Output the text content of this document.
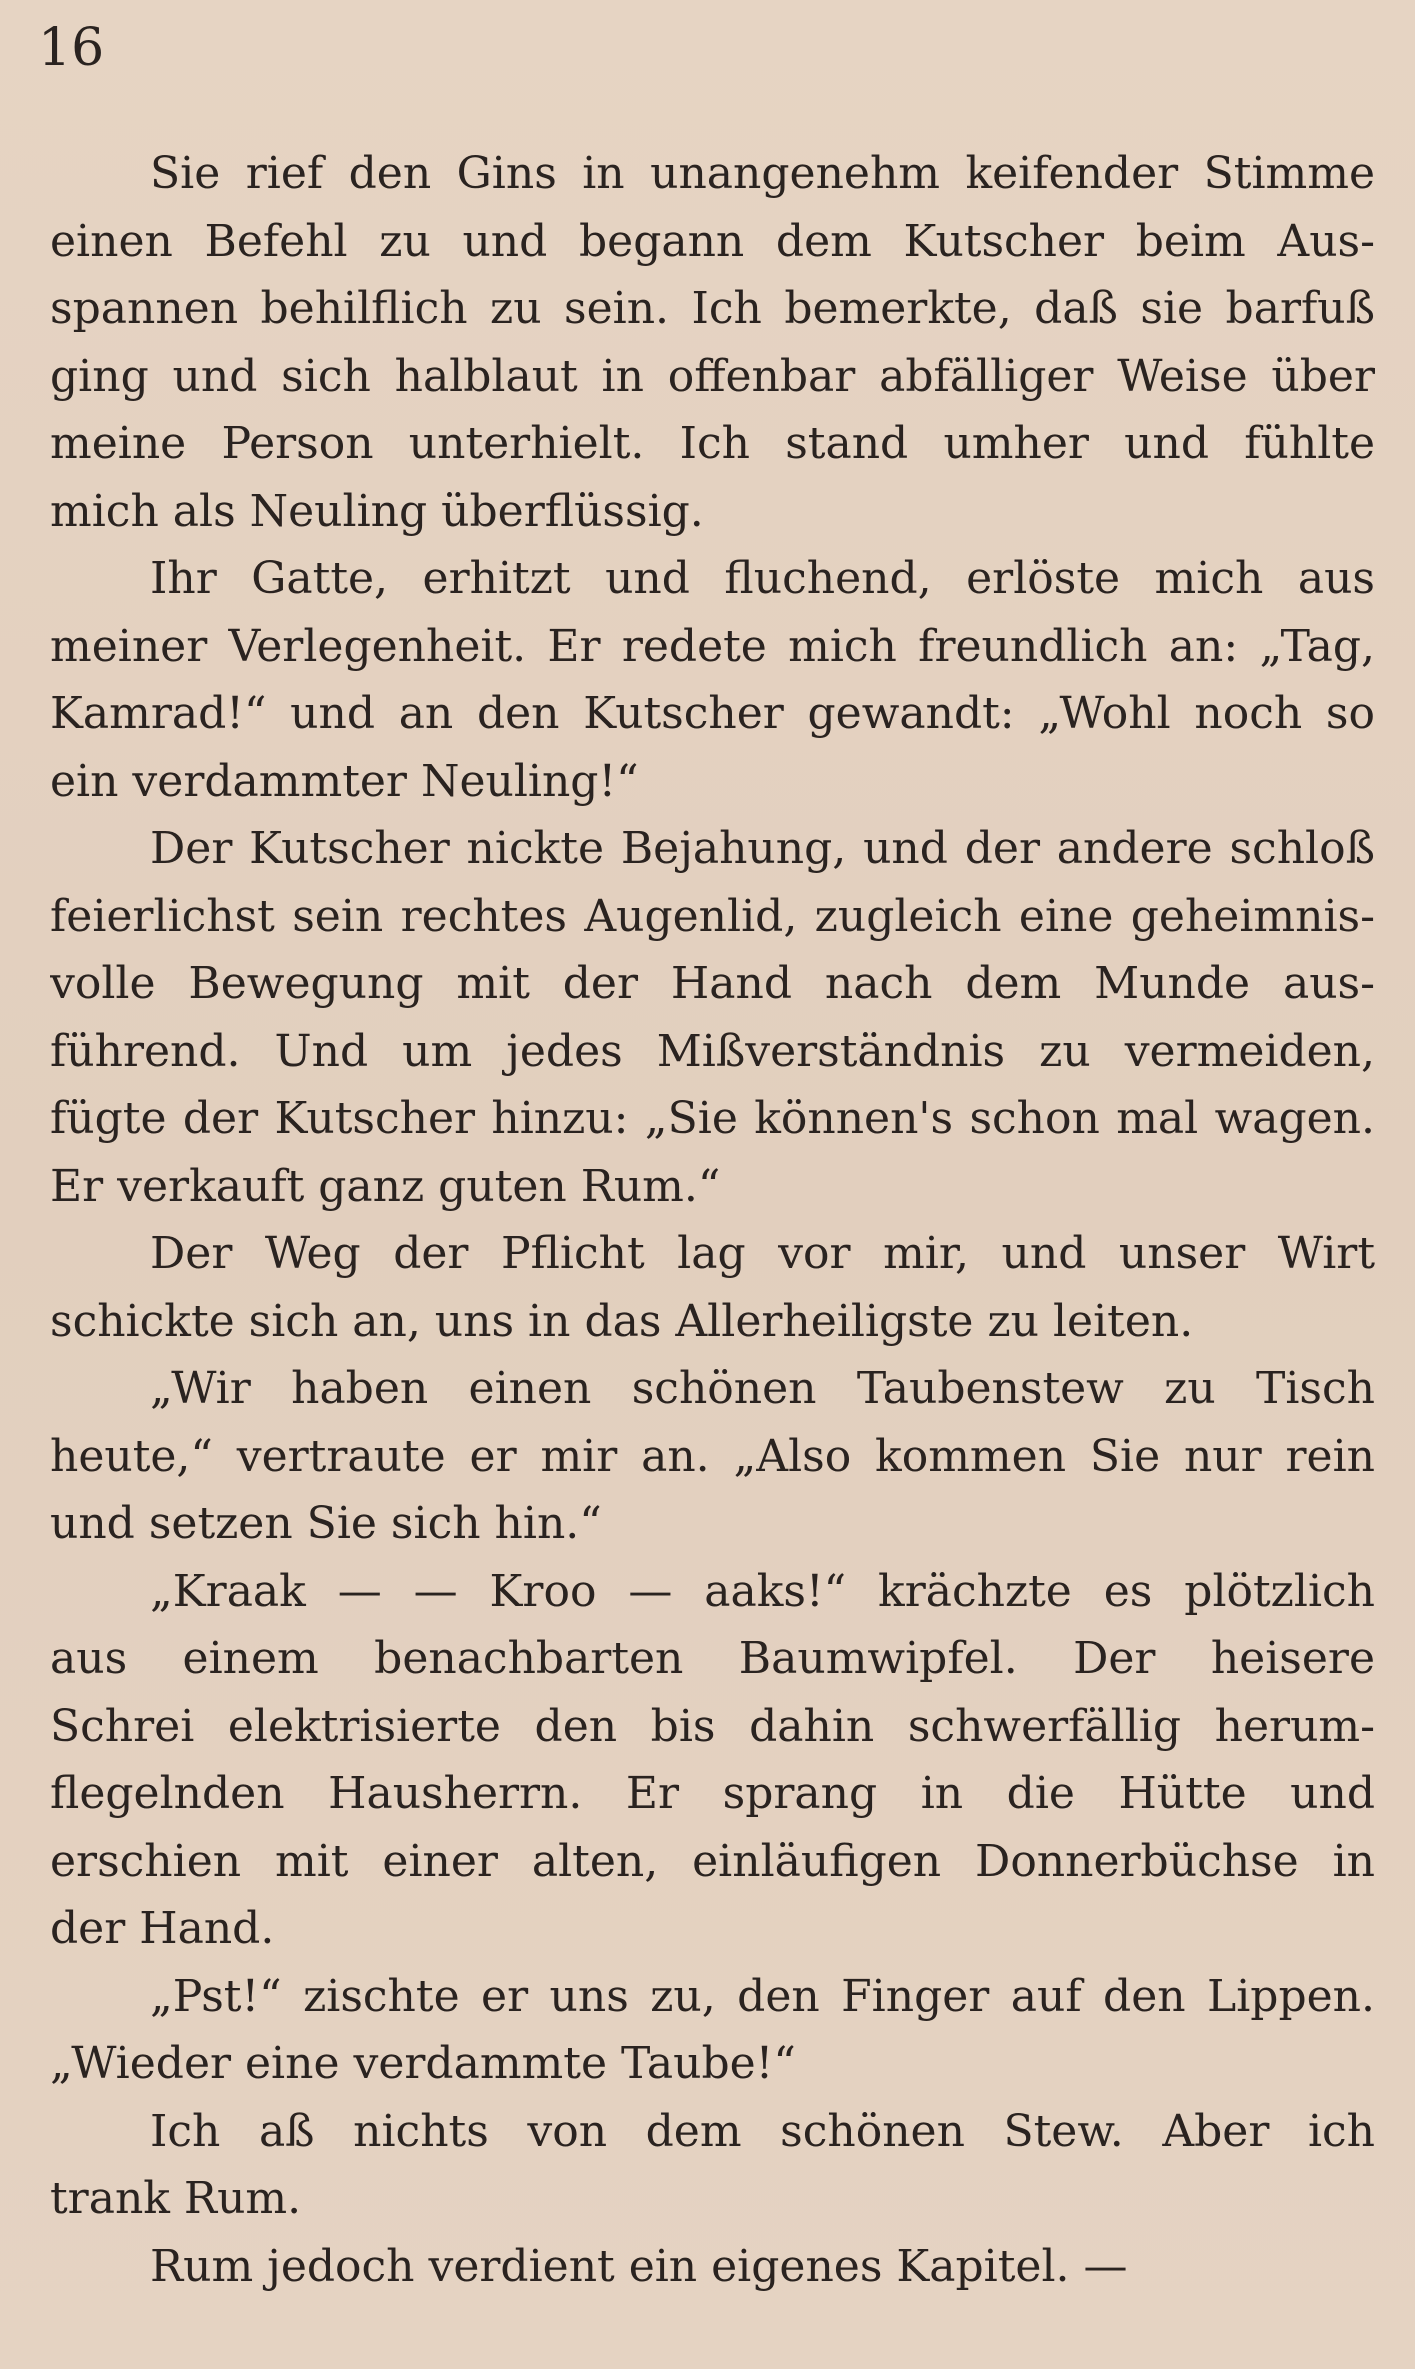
16
Sie rief den Gins in unangenehm keifender Stimme
einen Befehl zu und begann dem Kutscher beim Aus-
spannen behilflich zu sein. Ich bemerkte, daß sie barfuß
ging und sich halblaut in offenbar abfälliger Weise über
meine Person unterhielt. Ich stand umher und fühlte
mich als Neuling überflüssig.
Ihr Gatte, erhitzt und fluchend, erlöste mich aus
meiner Verlegenheit. Er redete mich freundlich an: „Tag,
Kamrad!“ und an den Kutscher gewandt: „Wohl noch so
ein verdammter Neuling!“
Der Kutscher nickte Bejahung, und der andere schloß
feierlichst sein rechtes Augenlid, zugleich eine geheimnis-
volle Bewegung mit der Hand nach dem Munde aus-
führend. Und um jedes Mißverständnis zu vermeiden,
fügte der Kutscher hinzu: „Sie können's schon mal wagen.
Er verkauft ganz guten Rum.“
Der Weg der Pflicht lag vor mir, und unser Wirt
schickte sich an, uns in das Allerheiligste zu leiten.
„Wir haben einen schönen Taubenstew zu Tisch
heute,“ vertraute er mir an. „Also kommen Sie nur rein
und setzen Sie sich hin.“
„Kraak — — Kroo — aaks!“ krächzte es plötzlich
aus einem benachbarten Baumwipfel. Der heisere
Schrei elektrisierte den bis dahin schwerfällig herum-
flegelnden Hausherrn. Er sprang in die Hütte und
erschien mit einer alten, einläufigen Donnerbüchse in
der Hand.
„Pst!“ zischte er uns zu, den Finger auf den Lippen.
„Wieder eine verdammte Taube!“
Ich aß nichts von dem schönen Stew. Aber ich
trank Rum.
Rum jedoch verdient ein eigenes Kapitel. —
